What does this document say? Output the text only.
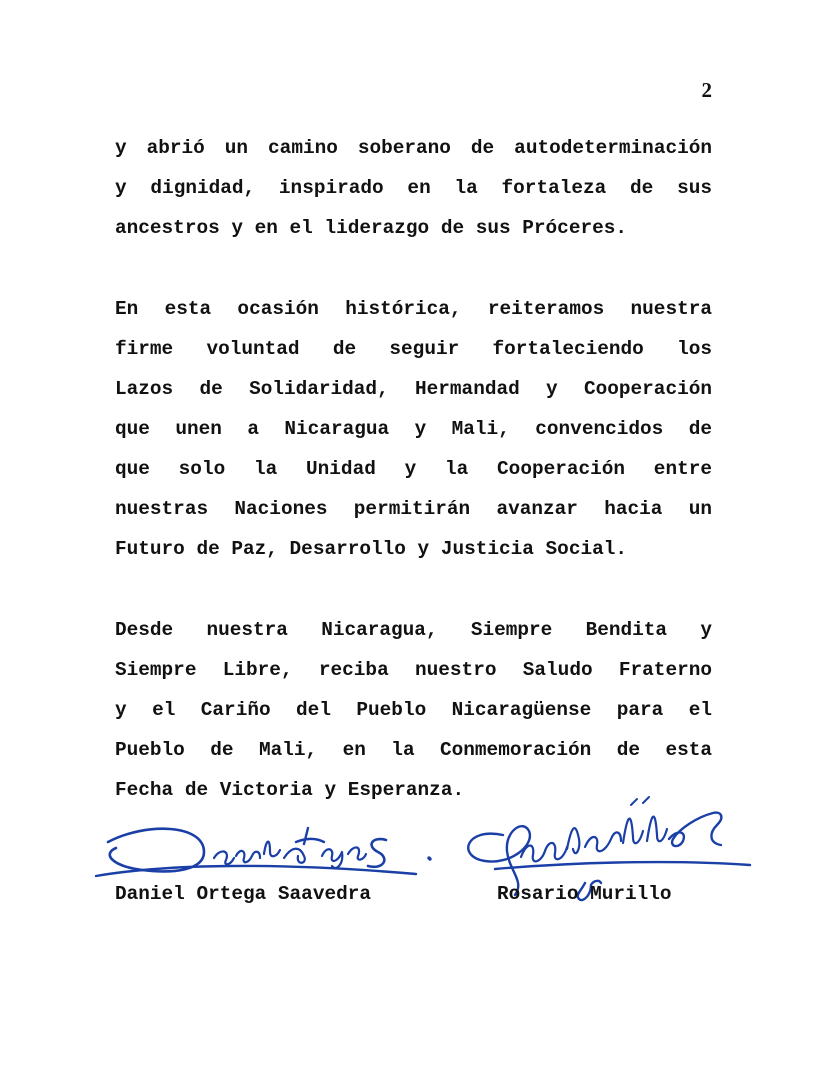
2
y abrió un camino soberano de autodeterminación
y dignidad, inspirado en la fortaleza de sus
ancestros y en el liderazgo de sus Próceres.
En esta ocasión histórica, reiteramos nuestra
firme voluntad de seguir fortaleciendo los
Lazos de Solidaridad, Hermandad y Cooperación
que unen a Nicaragua y Mali, convencidos de
que solo la Unidad y la Cooperación entre
nuestras Naciones permitirán avanzar hacia un
Futuro de Paz, Desarrollo y Justicia Social.
Desde nuestra Nicaragua, Siempre Bendita y
Siempre Libre, reciba nuestro Saludo Fraterno
y el Cariño del Pueblo Nicaragüense para el
Pueblo de Mali, en la Conmemoración de esta
Fecha de Victoria y Esperanza.
Daniel Ortega Saavedra	Rosario Murillo
